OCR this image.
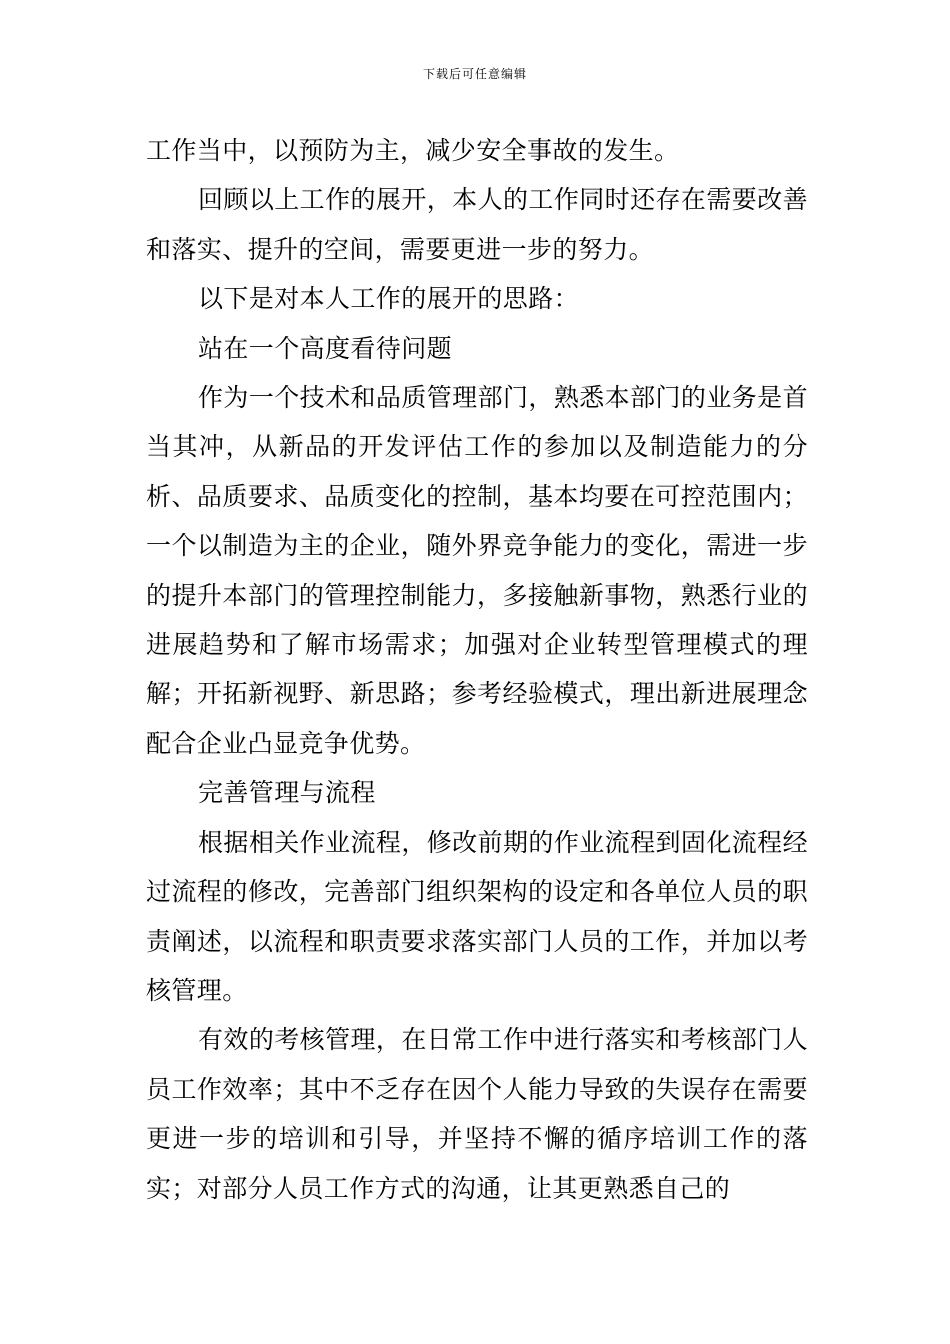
下载后可任意编辑

工作当中，以预防为主，减少安全事故的发生。

回顾以上工作的展开，本人的工作同时还存在需要改善和落实、提升的空间，需要更进一步的努力。

以下是对本人工作的展开的思路：

站在一个高度看待问题

作为一个技术和品质管理部门，熟悉本部门的业务是首当其冲，从新品的开发评估工作的参加以及制造能力的分析、品质要求、品质变化的控制，基本均要在可控范围内；一个以制造为主的企业，随外界竞争能力的变化，需进一步的提升本部门的管理控制能力，多接触新事物，熟悉行业的进展趋势和了解市场需求；加强对企业转型管理模式的理解；开拓新视野、新思路；参考经验模式，理出新进展理念配合企业凸显竞争优势。

完善管理与流程

根据相关作业流程，修改前期的作业流程到固化流程经过流程的修改，完善部门组织架构的设定和各单位人员的职责阐述，以流程和职责要求落实部门人员的工作，并加以考核管理。

有效的考核管理，在日常工作中进行落实和考核部门人员工作效率；其中不乏存在因个人能力导致的失误存在需要更进一步的培训和引导，并坚持不懈的循序培训工作的落实；对部分人员工作方式的沟通，让其更熟悉自己的
